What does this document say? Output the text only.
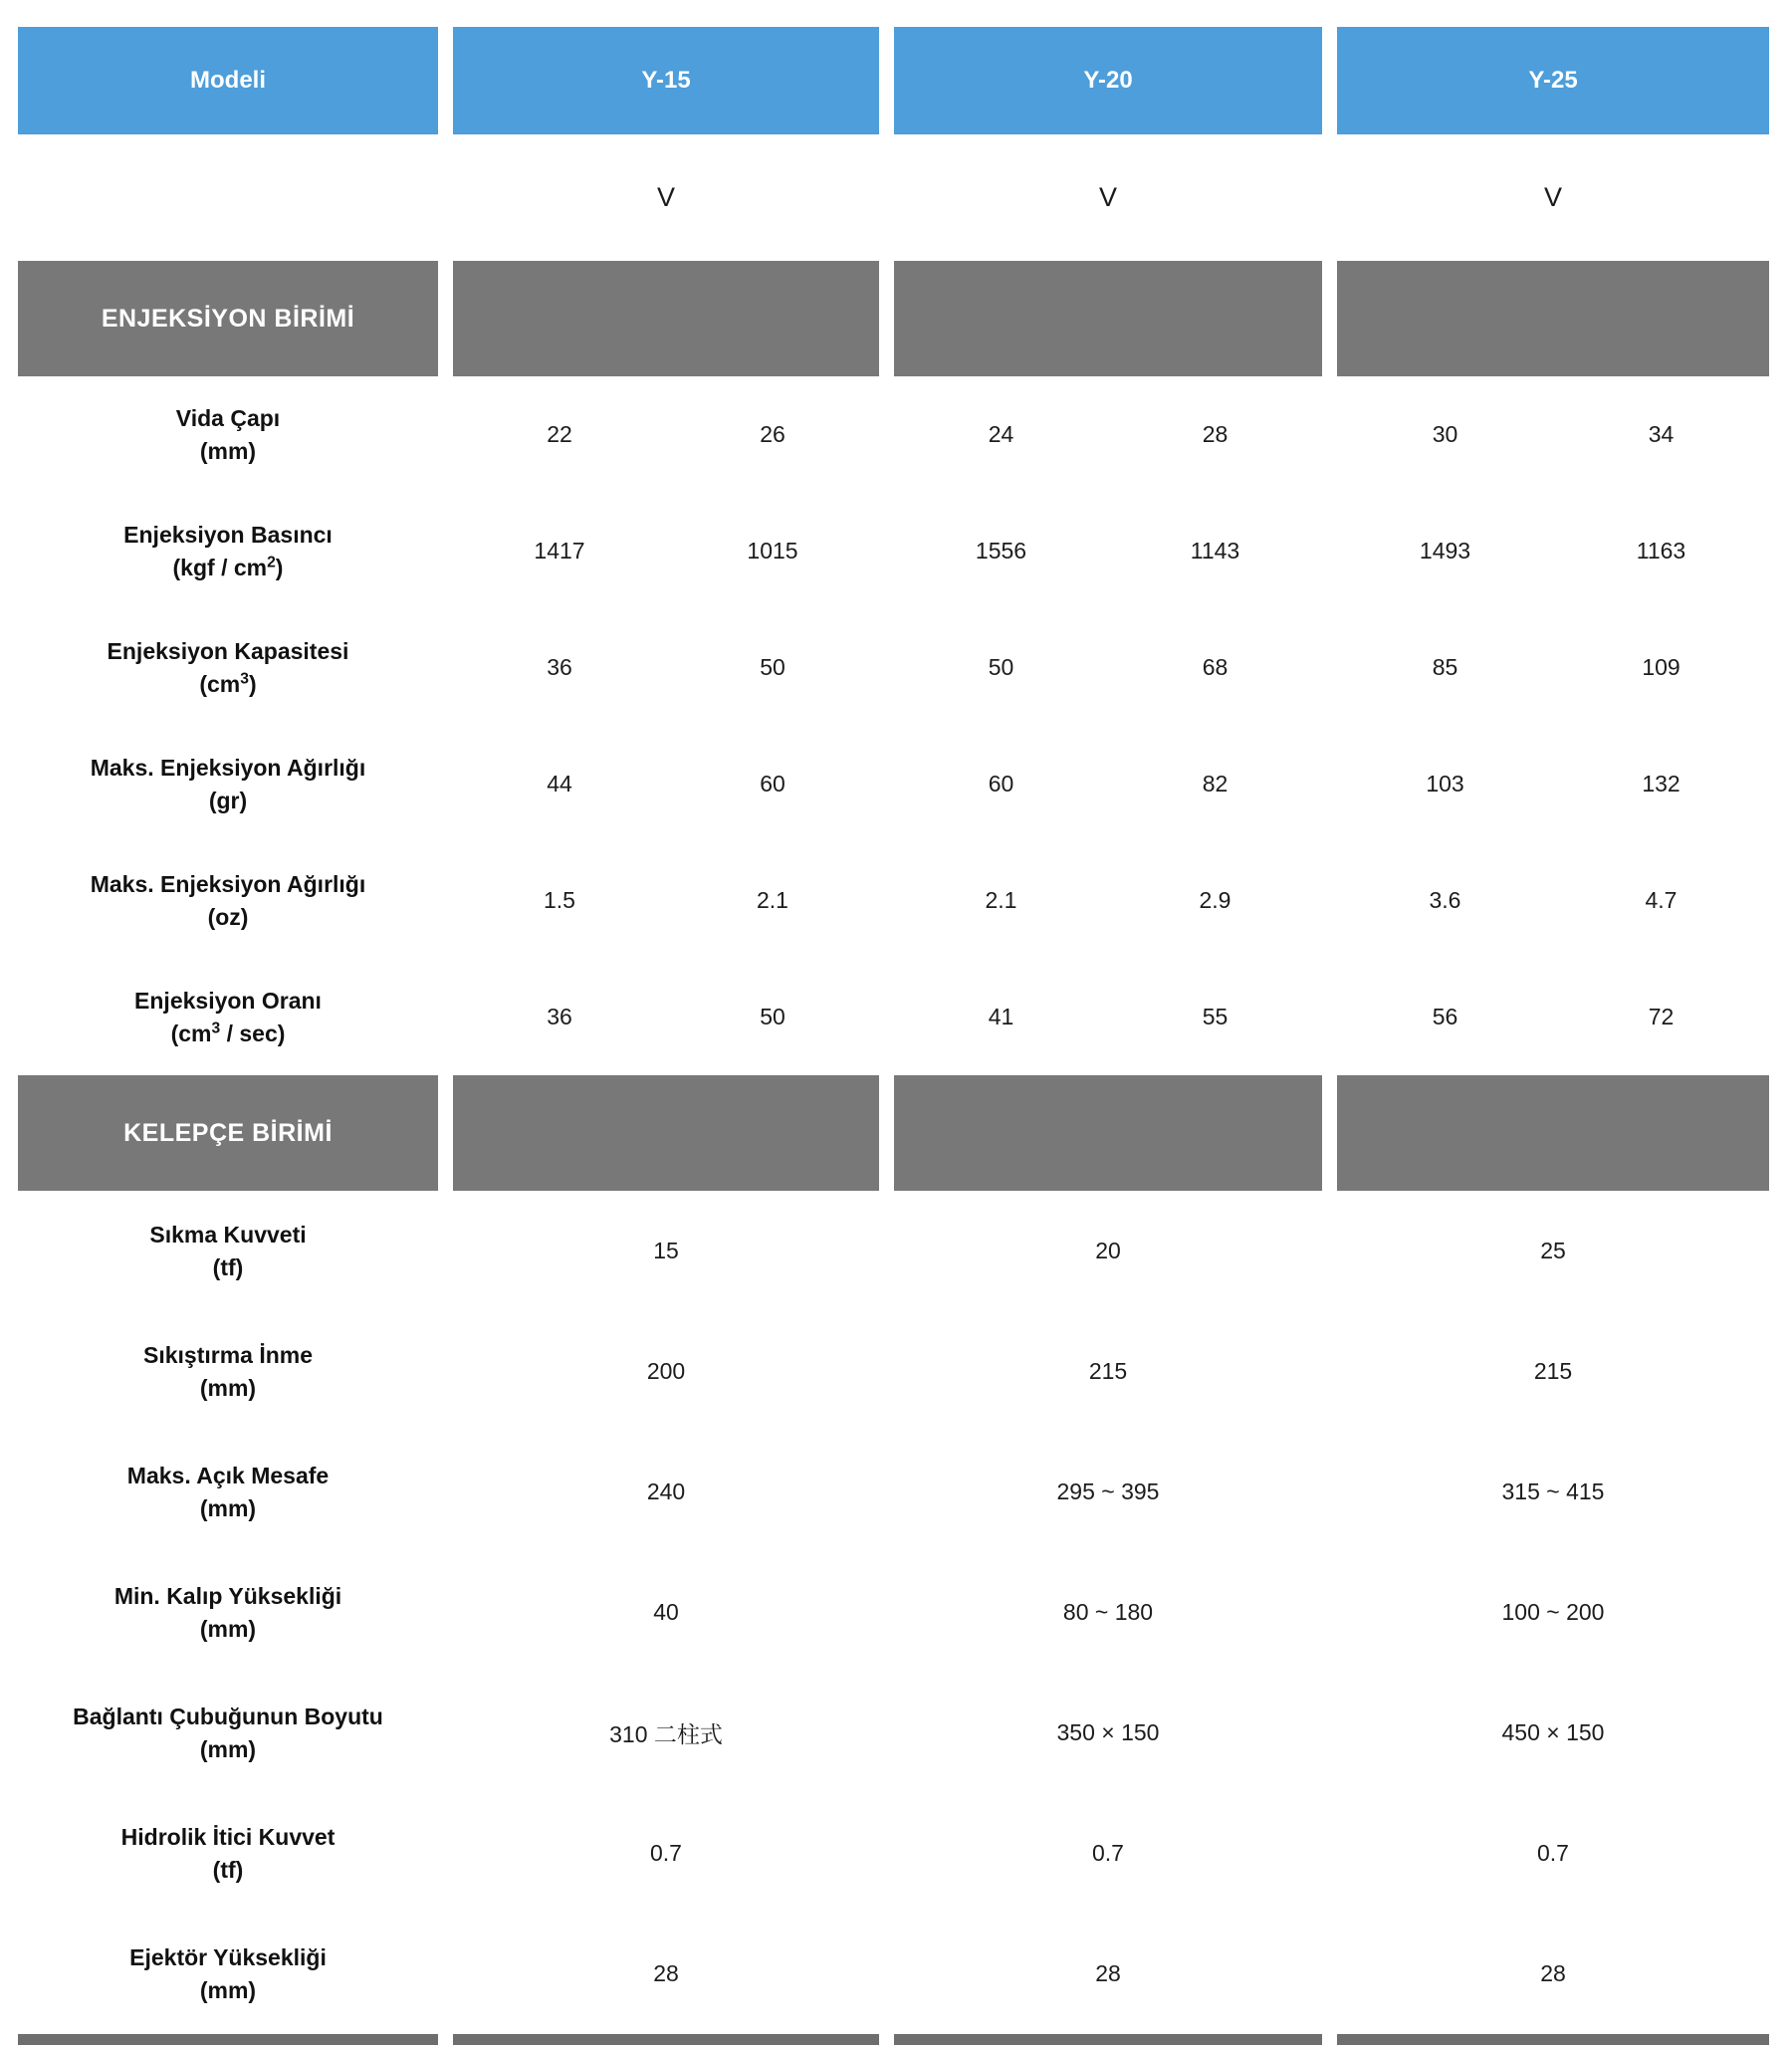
Modeli	Y-15	Y-20	Y-25
V	V	V
ENJEKSİYON BİRİMİ
Vida Çapı
(mm)
22	26	24	28	30	34
Enjeksiyon Basıncı
$(kgf / cm^2)$
1417	1015	1556	1143	1493	1163
Enjeksiyon Kapasitesi
$(cm^3)$
36	50	50	68	85	109
Maks. Enjeksiyon Ağırlığı
(gr)
44	60	60	82	103	132
Maks. Enjeksiyon Ağırlığı
(oz)
1.5	2.1	2.1	2.9	3.6	4.7
Enjeksiyon Oranı
$(cm^3 / \sec)$
36	50	41	55	56	72
KELEPÇE BİRİMİ
Sıkma Kuvveti
(tf)
15	20	25
Sıkıştırma İnme
(mm)
200	215	215
Maks. Açık Mesafe
(mm)
240	295 ~ 395	315 ~ 415
Min. Kalıp Yüksekliği
(mm)
40	80 ~ 180	100 ~ 200
Bağlantı Çubuğunun Boyutu
(mm)
310 二柱式	350 × 150	450 × 150
Hidrolik İtici Kuvvet
(tf)
0.7	0.7	0.7
Ejektör Yüksekliği
(mm)
28	28	28
